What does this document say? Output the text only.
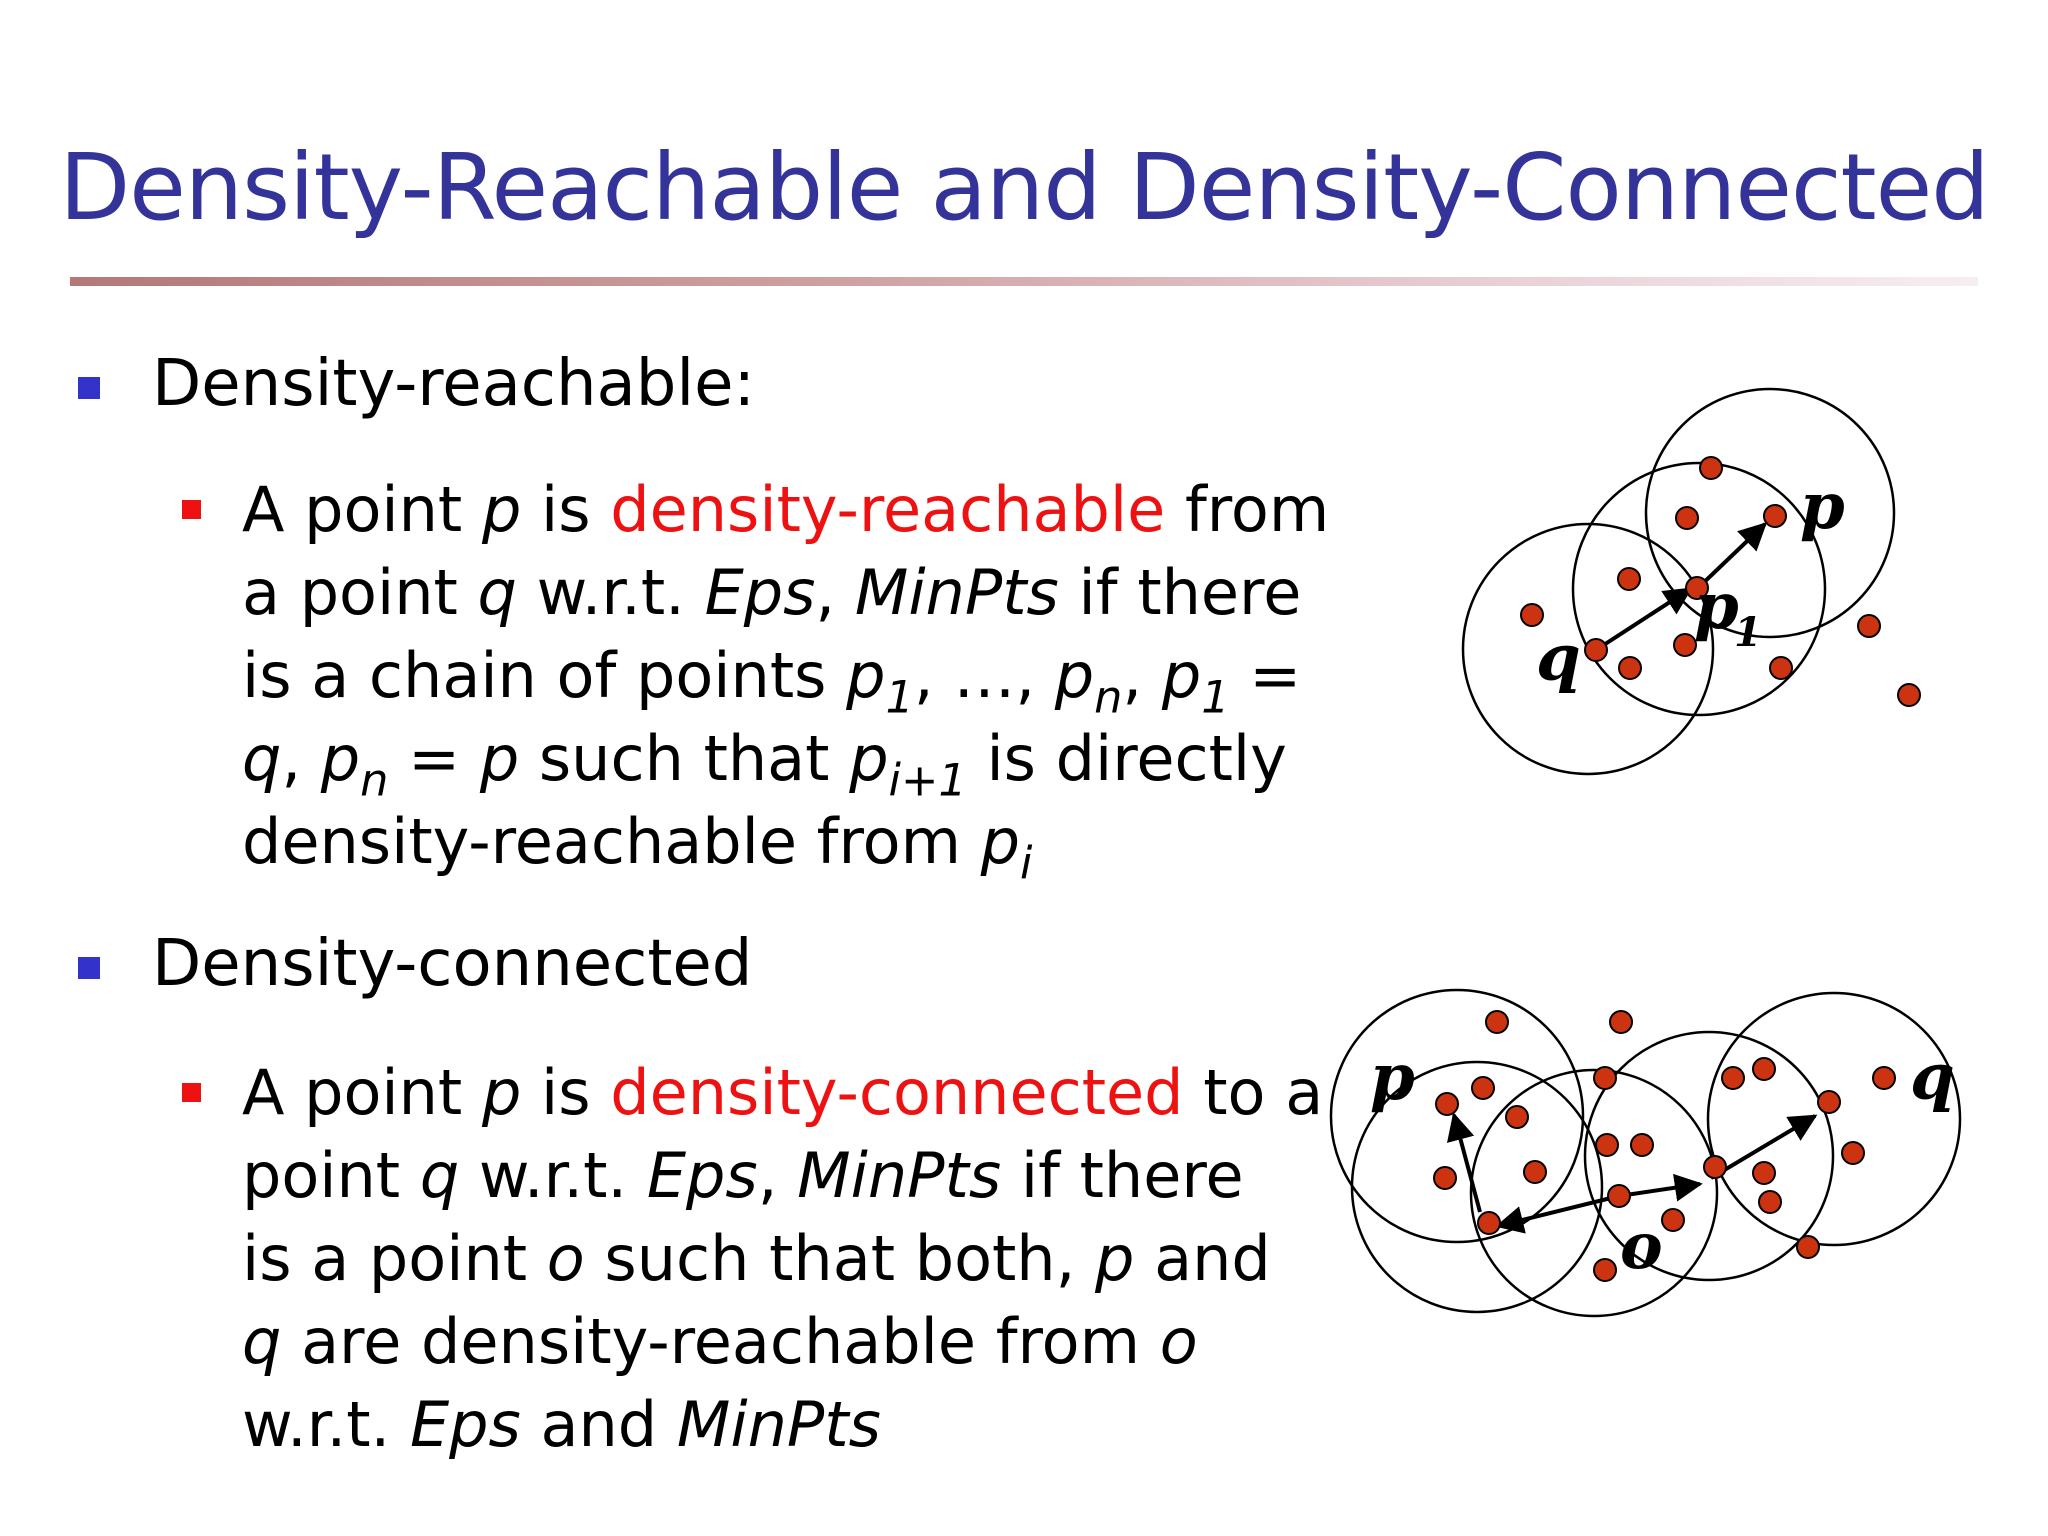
Density-Reachable and Density-Connected
Density-reachable:
A point p is density-reachable from
a point q w.r.t. Eps, MinPts if there
is a chain of points $p_1$, …, $p_n$, $p_1$ =
q, $p_n = p$ such that $p_{i+1}$ is directly
density-reachable from $p_i$
Density-connected
A point p is density-connected to a
point q w.r.t. Eps, MinPts if there
is a point o such that both, p and
q are density-reachable from o
w.r.t. Eps and MinPts
p
q
p
1
p	q
o
